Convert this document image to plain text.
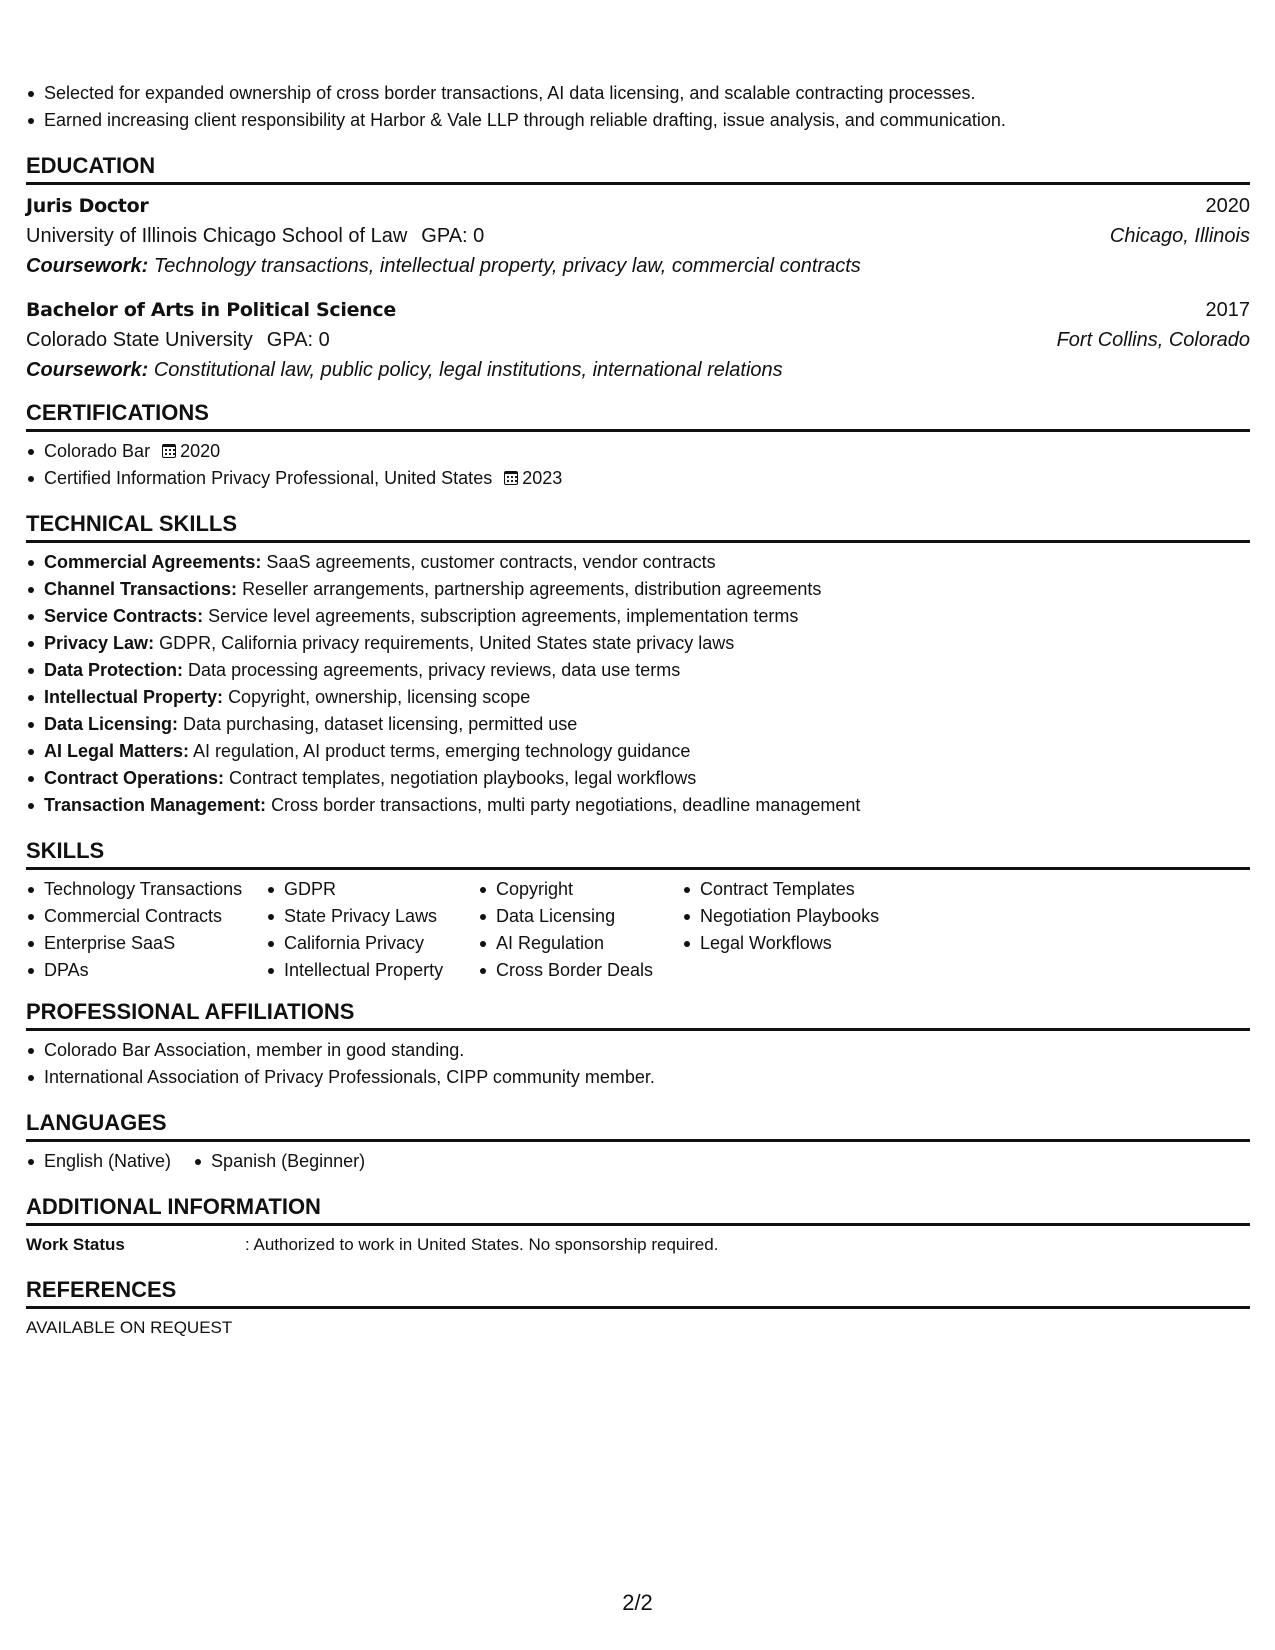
Selected for expanded ownership of cross border transactions, AI data licensing, and scalable contracting processes.
Earned increasing client responsibility at Harbor & Vale LLP through reliable drafting, issue analysis, and communication.
EDUCATION
Juris Doctor	2020
University of Illinois Chicago School of Law GPA: 0	Chicago, Illinois
Coursework: Technology transactions, intellectual property, privacy law, commercial contracts
Bachelor of Arts in Political Science	2017
Colorado State University GPA: 0	Fort Collins, Colorado
Coursework: Constitutional law, public policy, legal institutions, international relations
CERTIFICATIONS
Colorado Bar 2020
Certified Information Privacy Professional, United States 2023
TECHNICAL SKILLS
Commercial Agreements: SaaS agreements, customer contracts, vendor contracts
Channel Transactions: Reseller arrangements, partnership agreements, distribution agreements
Service Contracts: Service level agreements, subscription agreements, implementation terms
Privacy Law: GDPR, California privacy requirements, United States state privacy laws
Data Protection: Data processing agreements, privacy reviews, data use terms
Intellectual Property: Copyright, ownership, licensing scope
Data Licensing: Data purchasing, dataset licensing, permitted use
AI Legal Matters: AI regulation, AI product terms, emerging technology guidance
Contract Operations: Contract templates, negotiation playbooks, legal workflows
Transaction Management: Cross border transactions, multi party negotiations, deadline management
SKILLS
Technology Transactions
Commercial Contracts
Enterprise SaaS
DPAs
GDPR
State Privacy Laws
California Privacy
Intellectual Property
Copyright
Data Licensing
AI Regulation
Cross Border Deals
Contract Templates
Negotiation Playbooks
Legal Workflows
PROFESSIONAL AFFILIATIONS
Colorado Bar Association, member in good standing.
International Association of Privacy Professionals, CIPP community member.
LANGUAGES
English (Native)	Spanish (Beginner)
ADDITIONAL INFORMATION
Work Status	: Authorized to work in United States. No sponsorship required.
REFERENCES
AVAILABLE ON REQUEST
2/2
